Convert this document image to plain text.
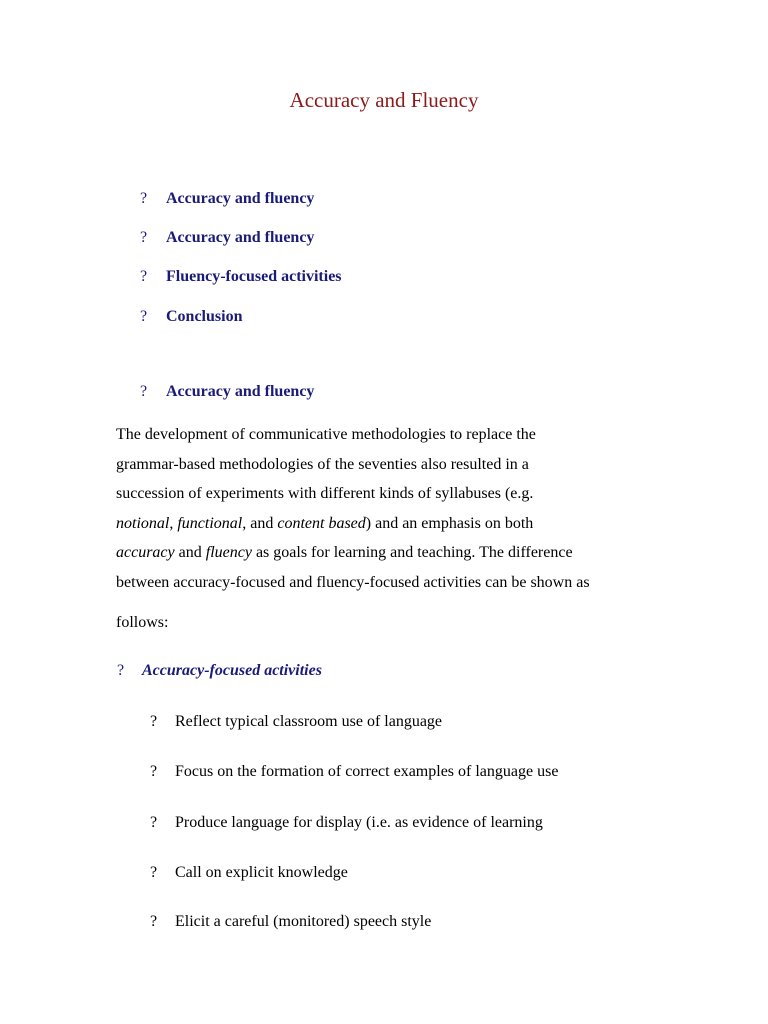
Accuracy and Fluency
? Accuracy and fluency
? Accuracy and fluency
? Fluency-focused activities
? Conclusion
? Accuracy and fluency
The development of communicative methodologies to replace the
grammar-based methodologies of the seventies also resulted in a
succession of experiments with different kinds of syllabuses (e.g.
notional, functional, and content based) and an emphasis on both
accuracy and fluency as goals for learning and teaching. The difference
between accuracy-focused and fluency-focused activities can be shown as
follows:
? Accuracy-focused activities
? Reflect typical classroom use of language
? Focus on the formation of correct examples of language use
? Produce language for display (i.e. as evidence of learning
? Call on explicit knowledge
? Elicit a careful (monitored) speech style
